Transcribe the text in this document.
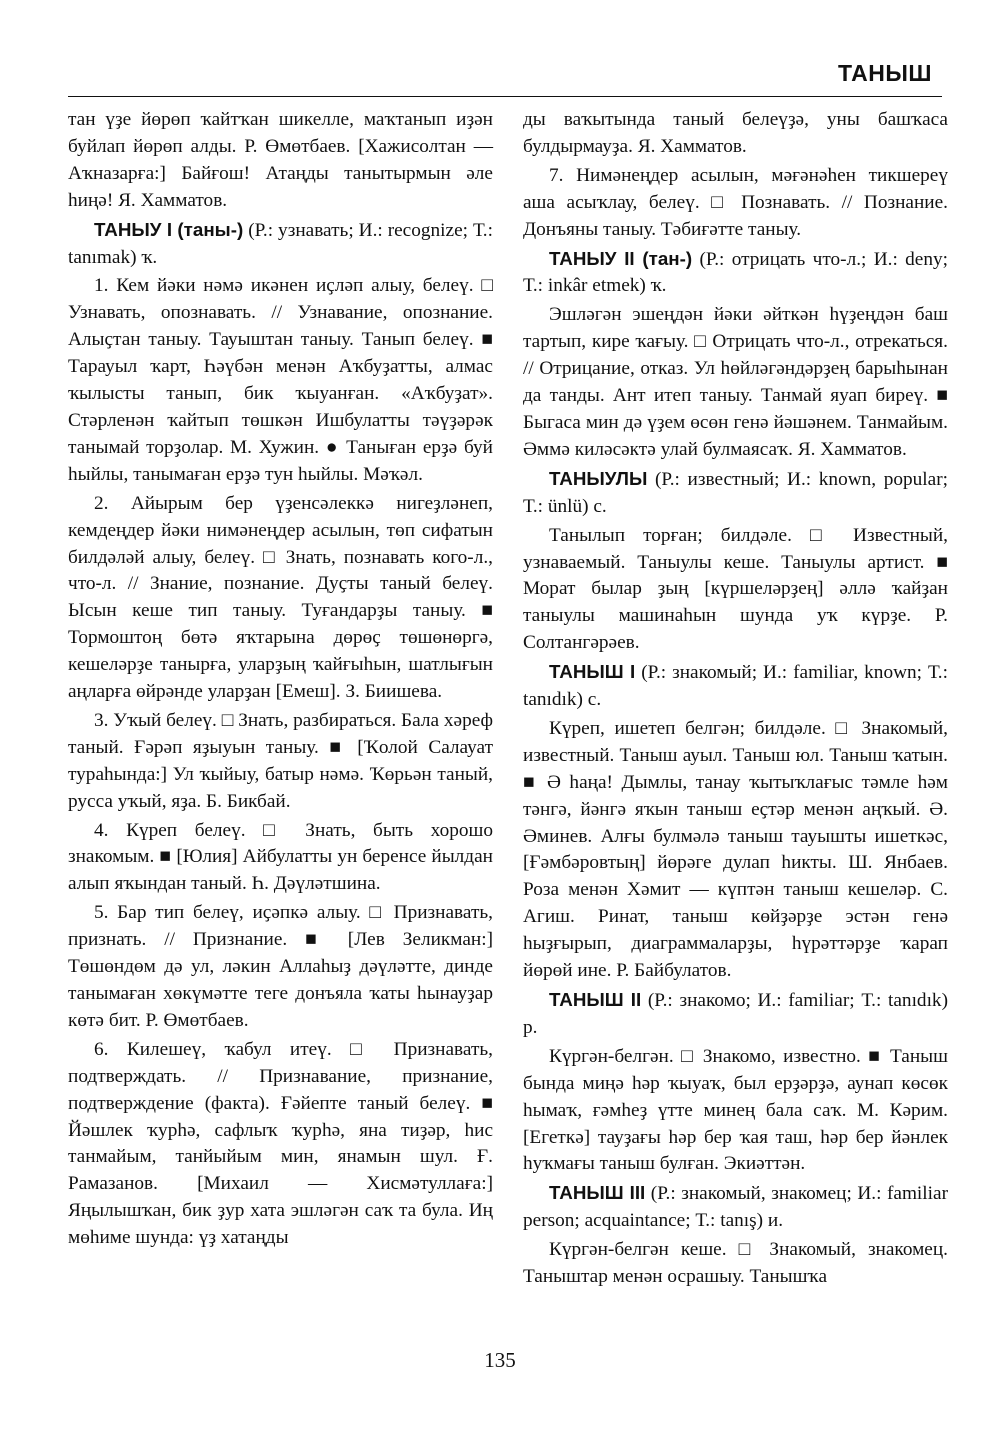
ТАНЫШ

тан үҙе йөрөп ҡайтҡан шикелле, маҡтанып иҙән буйлап йөрөп алды. Р. Өмөтбаев. [Хажисолтан — Аҡназарға:] Байғош! Атаңды танытырмын әле һиңә! Я. Хамматов.

ТАНЫУ I (таны-) (Р.: узнавать; И.: recognize; Т.: tanımak) ҡ.

1. Кем йәки нәмә икәнен иҫләп алыу, белеү. □ Узнавать, опознавать. // Узнавание, опознание. Алыҫтан таныу. Тауыштан таныу. Танып белеү. ■ Тарауыл ҡарт, Һәүбән менән Аҡбуҙатты, алмас ҡылысты танып, бик ҡыуанған. «Аҡбуҙат». Стәрленән ҡайтып төшкән Ишбулатты тәүҙәрәк танымай торҙолар. М. Хужин. ● Таныған ерҙә буй һыйлы, танымаған ерҙә тун һыйлы. Мәҡәл.

2. Айырым бер үҙенсәлеккә нигеҙләнеп, кемдеңдер йәки нимәнеңдер асылын, төп сифатын билдәләй алыу, белеү. □ Знать, познавать кого-л., что-л. // Знание, познание. Дуҫты таный белеү. Ысын кеше тип таныу. Туғандарҙы таныу. ■ Тормоштоң бөтә яҡтарына дөрөҫ төшөнөргә, кешеләрҙе танырға, уларҙың ҡайғыһын, шатлығын аңларға өйрәнде уларҙан [Емеш]. З. Биишева.

3. Уҡый белеү. □ Знать, разбираться. Бала хәреф таный. Ғәрәп яҙыуын таныу. ■ [Ҡолой Салауат тураһында:] Ул ҡыйыу, батыр нәмә. Ҡөрьән таный, русса уҡый, яҙа. Б. Бикбай.

4. Күреп белеү. □ Знать, быть хорошо знакомым. ■ [Юлия] Айбулатты ун беренсе йылдан алып яҡындан таный. Һ. Дәүләтшина.

5. Бар тип белеү, иҫәпкә алыу. □ Признавать, признать. // Признание. ■ [Лев Зеликман:] Төшөндөм дә ул, ләкин Аллаһыҙ дәүләтте, динде танымаған хөкүмәтте теге донъяла ҡаты һынауҙар көтә бит. Р. Өмөтбаев.

6. Килешеү, ҡабул итеү. □ Признавать, подтверждать. // Признавание, признание, подтверждение (факта). Ғәйепте таный белеү. ■ Йәшлек ҡурһә, сафлыҡ ҡурһә, яна тиҙәр, һис танмайым, танйыйым мин, янамын шул. Ғ. Рамазанов. [Михаил — Хисмәтуллаға:] Яңылышҡан, бик ҙур хата эшләгән саҡ та була. Иң мөһиме шунда: үҙ хатаңды

ды ваҡытында таный белеүҙә, уны башҡаса булдырмауҙа. Я. Хамматов.

7. Нимәнеңдер асылын, мәғәнәһен тикшереү аша асыҡлау, белеү. □ Познавать. // Познание. Донъяны таныу. Тәбиғәтте таныу.

ТАНЫУ II (тан-) (Р.: отрицать что-л.; И.: deny; Т.: inkâr etmek) ҡ.

Эшләгән эшеңдән йәки әйткән һүҙеңдән баш тартып, кире ҡағыу. □ Отрицать что-л., отрекаться. // Отрицание, отказ. Ул һөйләгәндәрҙең барыһынан да танды. Ант итеп таныу. Танмай яуап биреү. ■ Быгаса мин дә үҙем өсөн генә йәшәнем. Танмайым. Әммә киләсәктә улай булмаясаҡ. Я. Хамматов.

ТАНЫУЛЫ (Р.: известный; И.: known, popular; Т.: ünlü) с.

Танылып торған; билдәле. □ Известный, узнаваемый. Таныулы кеше. Таныулы артист. ■ Морат былар ҙың [күршеләрҙең] әллә ҡайҙан таныулы машинаһын шунда уҡ күрҙе. Р. Солтангәрәев.

ТАНЫШ I (Р.: знакомый; И.: familiar, known; Т.: tanıdık) с.

Күреп, ишетеп белгән; билдәле. □ Знакомый, известный. Таныш ауыл. Таныш юл. Таныш ҡатын. ■ Ә һаңа! Дымлы, танау ҡытыҡлағыс тәмле һәм тәнгә, йәнгә яҡын таныш еҫтәр менән аңҡый. Ә. Әминев. Алғы булмәлә таныш тауышты ишеткәс, [Ғәмбәровтың] йөрәге дулап һикты. Ш. Янбаев. Роза менән Хәмит — күптән таныш кешеләр. С. Агиш. Ринат, таныш көйҙәрҙе эстән генә һыҙғырып, диаграммаларҙы, һүрәттәрҙе ҡарап йөрөй ине. Р. Байбулатов.

ТАНЫШ II (Р.: знакомо; И.: familiar; Т.: tanıdık) р.

Күргән-белгән. □ Знакомо, известно. ■ Таныш бында миңә һәр ҡыуаҡ, был ерҙәрҙә, аунап көсөк һымаҡ, ғәмһеҙ үтте минең бала саҡ. М. Кәрим. [Егеткә] тауҙағы һәр бер ҡая таш, һәр бер йәнлек һуҡмағы таныш булған. Экиәттән.

ТАНЫШ III (Р.: знакомый, знакомец; И.: familiar person; acquaintance; Т.: tanış) и.

Күргән-белгән кеше. □ Знакомый, знакомец. Таныштар менән осрашыу. Танышҡа

135
